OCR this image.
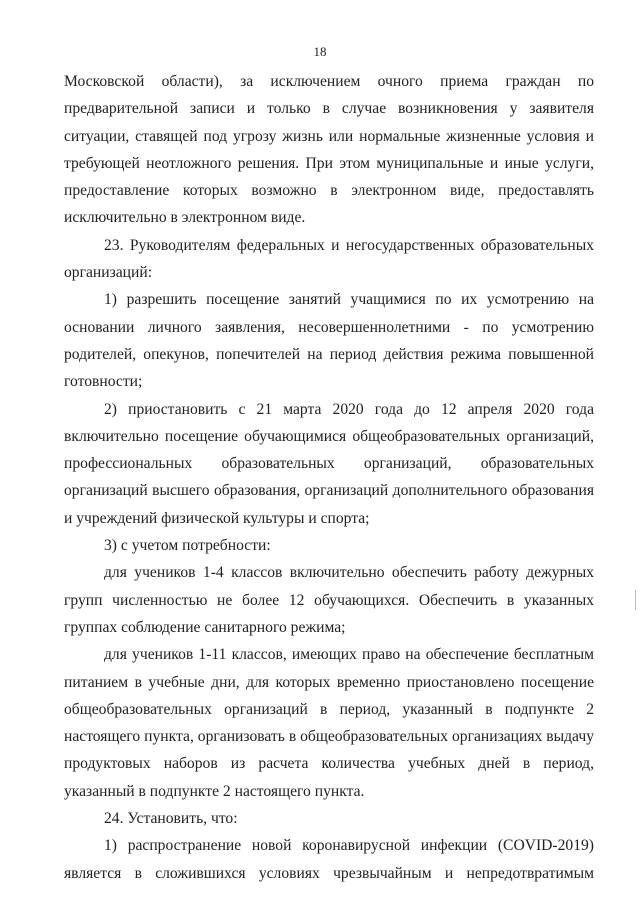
18

Московской области), за исключением очного приема граждан по предварительной записи и только в случае возникновения у заявителя ситуации, ставящей под угрозу жизнь или нормальные жизненные условия и требующей неотложного решения. При этом муниципальные и иные услуги, предоставление которых возможно в электронном виде, предоставлять исключительно в электронном виде.

23. Руководителям федеральных и негосударственных образовательных организаций:

1) разрешить посещение занятий учащимися по их усмотрению на основании личного заявления, несовершеннолетними - по усмотрению родителей, опекунов, попечителей на период действия режима повышенной готовности;

2) приостановить с 21 марта 2020 года до 12 апреля 2020 года включительно посещение обучающимися общеобразовательных организаций, профессиональных образовательных организаций, образовательных организаций высшего образования, организаций дополнительного образования и учреждений физической культуры и спорта;

3) с учетом потребности:

для учеников 1-4 классов включительно обеспечить работу дежурных групп численностью не более 12 обучающихся. Обеспечить в указанных группах соблюдение санитарного режима;

для учеников 1-11 классов, имеющих право на обеспечение бесплатным питанием в учебные дни, для которых временно приостановлено посещение общеобразовательных организаций в период, указанный в подпункте 2 настоящего пункта, организовать в общеобразовательных организациях выдачу продуктовых наборов из расчета количества учебных дней в период, указанный в подпункте 2 настоящего пункта.

24. Установить, что:

1) распространение новой коронавирусной инфекции (COVID-2019) является в сложившихся условиях чрезвычайным и непредотвратимым
